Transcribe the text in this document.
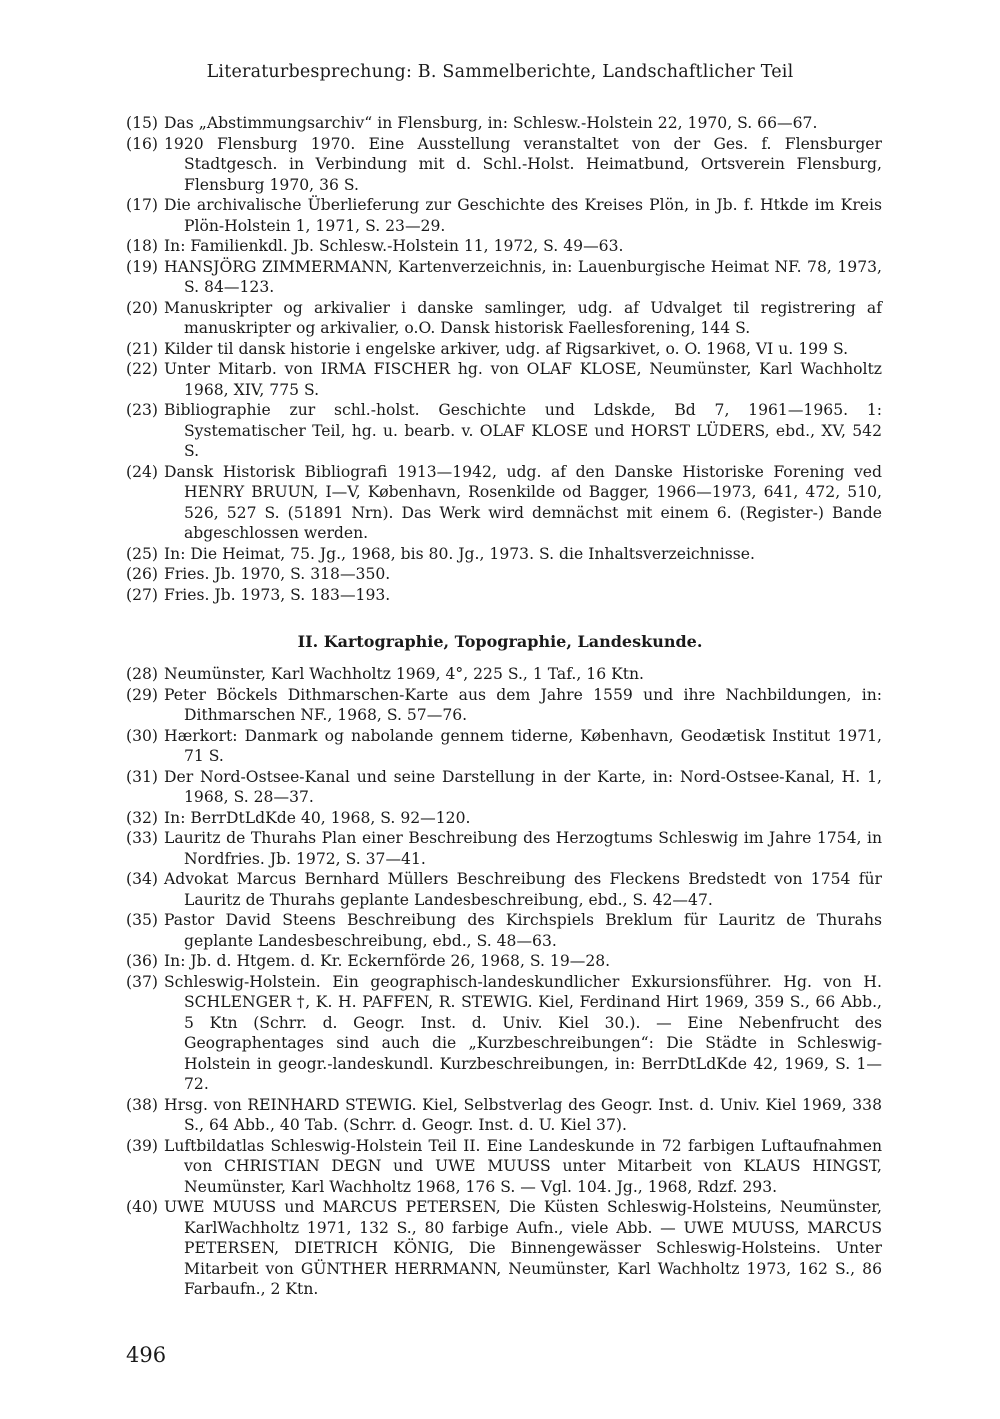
Literaturbesprechung: B. Sammelberichte, Landschaftlicher Teil

(15) Das „Abstimmungsarchiv“ in Flensburg, in: Schlesw.-Holstein 22, 1970, S. 66—67.

(16) 1920 Flensburg 1970. Eine Ausstellung veranstaltet von der Ges. f. Flensburger Stadtgesch. in Verbindung mit d. Schl.-Holst. Heimatbund, Ortsverein Flensburg, Flensburg 1970, 36 S.

(17) Die archivalische Überlieferung zur Geschichte des Kreises Plön, in Jb. f. Htkde im Kreis Plön-Holstein 1, 1971, S. 23—29.

(18) In: Familienkdl. Jb. Schlesw.-Holstein 11, 1972, S. 49—63.

(19) HANSJÖRG ZIMMERMANN, Kartenverzeichnis, in: Lauenburgische Heimat NF. 78, 1973, S. 84—123.

(20) Manuskripter og arkivalier i danske samlinger, udg. af Udvalget til registrering af manuskripter og arkivalier, o.O. Dansk historisk Faellesforening, 144 S.

(21) Kilder til dansk historie i engelske arkiver, udg. af Rigsarkivet, o. O. 1968, VI u. 199 S.

(22) Unter Mitarb. von IRMA FISCHER hg. von OLAF KLOSE, Neumünster, Karl Wachholtz 1968, XIV, 775 S.

(23) Bibliographie zur schl.-holst. Geschichte und Ldskde, Bd 7, 1961—1965. 1: Systematischer Teil, hg. u. bearb. v. OLAF KLOSE und HORST LÜDERS, ebd., XV, 542 S.

(24) Dansk Historisk Bibliografi 1913—1942, udg. af den Danske Historiske Forening ved HENRY BRUUN, I—V, København, Rosenkilde od Bagger, 1966—1973, 641, 472, 510, 526, 527 S. (51891 Nrn). Das Werk wird demnächst mit einem 6. (Register-) Bande abgeschlossen werden.

(25) In: Die Heimat, 75. Jg., 1968, bis 80. Jg., 1973. S. die Inhaltsverzeichnisse.

(26) Fries. Jb. 1970, S. 318—350.

(27) Fries. Jb. 1973, S. 183—193.

II. Kartographie, Topographie, Landeskunde.

(28) Neumünster, Karl Wachholtz 1969, 4°, 225 S., 1 Taf., 16 Ktn.

(29) Peter Böckels Dithmarschen-Karte aus dem Jahre 1559 und ihre Nachbildungen, in: Dithmarschen NF., 1968, S. 57—76.

(30) Hærkort: Danmark og nabolande gennem tiderne, København, Geodætisk Institut 1971, 71 S.

(31) Der Nord-Ostsee-Kanal und seine Darstellung in der Karte, in: Nord-Ostsee-Kanal, H. 1, 1968, S. 28—37.

(32) In: BerrDtLdKde 40, 1968, S. 92—120.

(33) Lauritz de Thurahs Plan einer Beschreibung des Herzogtums Schleswig im Jahre 1754, in Nordfries. Jb. 1972, S. 37—41.

(34) Advokat Marcus Bernhard Müllers Beschreibung des Fleckens Bredstedt von 1754 für Lauritz de Thurahs geplante Landesbeschreibung, ebd., S. 42—47.

(35) Pastor David Steens Beschreibung des Kirchspiels Breklum für Lauritz de Thurahs geplante Landesbeschreibung, ebd., S. 48—63.

(36) In: Jb. d. Htgem. d. Kr. Eckernförde 26, 1968, S. 19—28.

(37) Schleswig-Holstein. Ein geographisch-landeskundlicher Exkursionsführer. Hg. von H. SCHLENGER †, K. H. PAFFEN, R. STEWIG. Kiel, Ferdinand Hirt 1969, 359 S., 66 Abb., 5 Ktn (Schrr. d. Geogr. Inst. d. Univ. Kiel 30.). — Eine Nebenfrucht des Geographentages sind auch die „Kurzbeschreibungen“: Die Städte in Schleswig-Holstein in geogr.-landeskundl. Kurzbeschreibungen, in: BerrDtLdKde 42, 1969, S. 1—72.

(38) Hrsg. von REINHARD STEWIG. Kiel, Selbstverlag des Geogr. Inst. d. Univ. Kiel 1969, 338 S., 64 Abb., 40 Tab. (Schrr. d. Geogr. Inst. d. U. Kiel 37).

(39) Luftbildatlas Schleswig-Holstein Teil II. Eine Landeskunde in 72 farbigen Luftaufnahmen von CHRISTIAN DEGN und UWE MUUSS unter Mitarbeit von KLAUS HINGST, Neumünster, Karl Wachholtz 1968, 176 S. — Vgl. 104. Jg., 1968, Rdzf. 293.

(40) UWE MUUSS und MARCUS PETERSEN, Die Küsten Schleswig-Holsteins, Neumünster, KarlWachholtz 1971, 132 S., 80 farbige Aufn., viele Abb. — UWE MUUSS, MARCUS PETERSEN, DIETRICH KÖNIG, Die Binnengewässer Schleswig-Holsteins. Unter Mitarbeit von GÜNTHER HERRMANN, Neumünster, Karl Wachholtz 1973, 162 S., 86 Farbaufn., 2 Ktn.

496
